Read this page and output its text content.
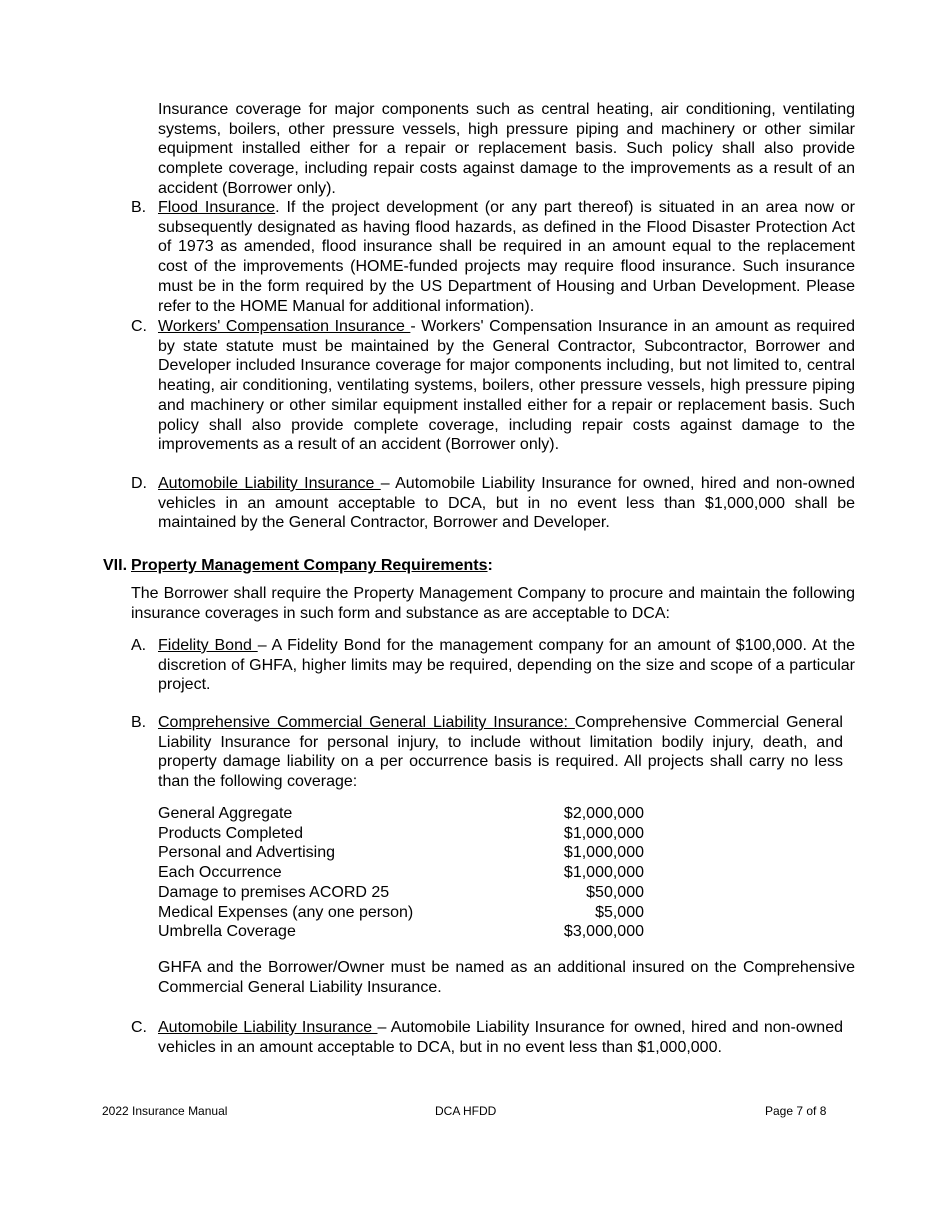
Insurance coverage for major components such as central heating, air conditioning, ventilating systems, boilers, other pressure vessels, high pressure piping and machinery or other similar equipment installed either for a repair or replacement basis. Such policy shall also provide complete coverage, including repair costs against damage to the improvements as a result of an accident (Borrower only).

B. Flood Insurance. If the project development (or any part thereof) is situated in an area now or subsequently designated as having flood hazards, as defined in the Flood Disaster Protection Act of 1973 as amended, flood insurance shall be required in an amount equal to the replacement cost of the improvements (HOME-funded projects may require flood insurance. Such insurance must be in the form required by the US Department of Housing and Urban Development. Please refer to the HOME Manual for additional information).

C. Workers' Compensation Insurance - Workers' Compensation Insurance in an amount as required by state statute must be maintained by the General Contractor, Subcontractor, Borrower and Developer included Insurance coverage for major components including, but not limited to, central heating, air conditioning, ventilating systems, boilers, other pressure vessels, high pressure piping and machinery or other similar equipment installed either for a repair or replacement basis. Such policy shall also provide complete coverage, including repair costs against damage to the improvements as a result of an accident (Borrower only).

D. Automobile Liability Insurance – Automobile Liability Insurance for owned, hired and non-owned vehicles in an amount acceptable to DCA, but in no event less than $1,000,000 shall be maintained by the General Contractor, Borrower and Developer.

VII. Property Management Company Requirements:

The Borrower shall require the Property Management Company to procure and maintain the following insurance coverages in such form and substance as are acceptable to DCA:

A. Fidelity Bond – A Fidelity Bond for the management company for an amount of $100,000. At the discretion of GHFA, higher limits may be required, depending on the size and scope of a particular project.

B. Comprehensive Commercial General Liability Insurance: Comprehensive Commercial General Liability Insurance for personal injury, to include without limitation bodily injury, death, and property damage liability on a per occurrence basis is required. All projects shall carry no less than the following coverage:

General Aggregate	$2,000,000
Products Completed	$1,000,000
Personal and Advertising	$1,000,000
Each Occurrence	$1,000,000
Damage to premises ACORD 25	$50,000
Medical Expenses (any one person)	$5,000
Umbrella Coverage	$3,000,000

GHFA and the Borrower/Owner must be named as an additional insured on the Comprehensive Commercial General Liability Insurance.

C. Automobile Liability Insurance – Automobile Liability Insurance for owned, hired and non-owned vehicles in an amount acceptable to DCA, but in no event less than $1,000,000.

2022 Insurance Manual	DCA HFDD	Page 7 of 8
